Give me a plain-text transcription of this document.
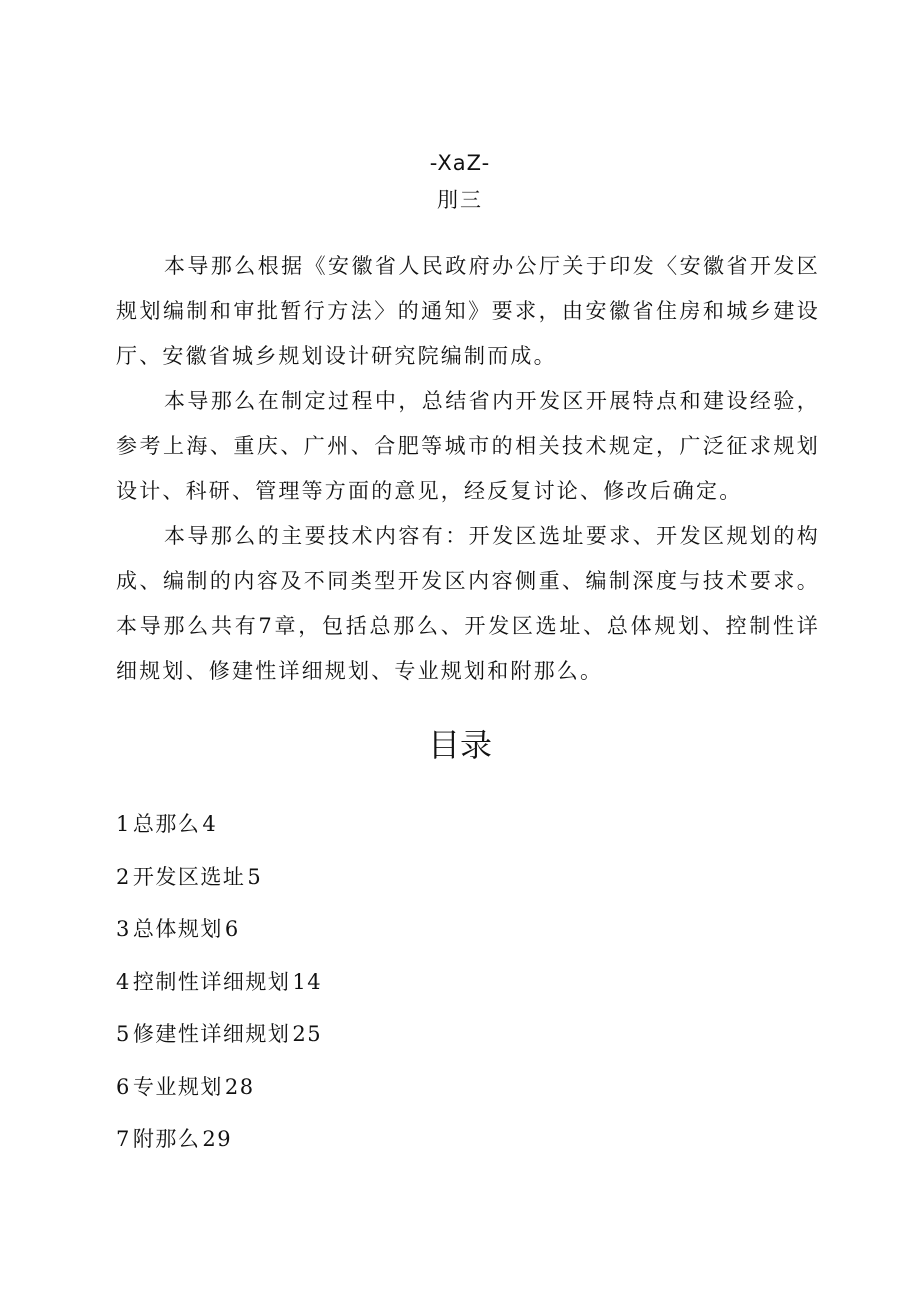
-XaZ-
刖三

本导那么根据《安徽省人民政府办公厅关于印发〈安徽省开发区规划编制和审批暂行方法〉的通知》要求，由安徽省住房和城乡建设厅、安徽省城乡规划设计研究院编制而成。

本导那么在制定过程中，总结省内开发区开展特点和建设经验，参考上海、重庆、广州、合肥等城市的相关技术规定，广泛征求规划设计、科研、管理等方面的意见，经反复讨论、修改后确定。

本导那么的主要技术内容有：开发区选址要求、开发区规划的构成、编制的内容及不同类型开发区内容侧重、编制深度与技术要求。本导那么共有7章，包括总那么、开发区选址、总体规划、控制性详细规划、修建性详细规划、专业规划和附那么。

目录
1总那么4
2开发区选址5
3总体规划6
4控制性详细规划14
5修建性详细规划25
6专业规划28
7附那么29
